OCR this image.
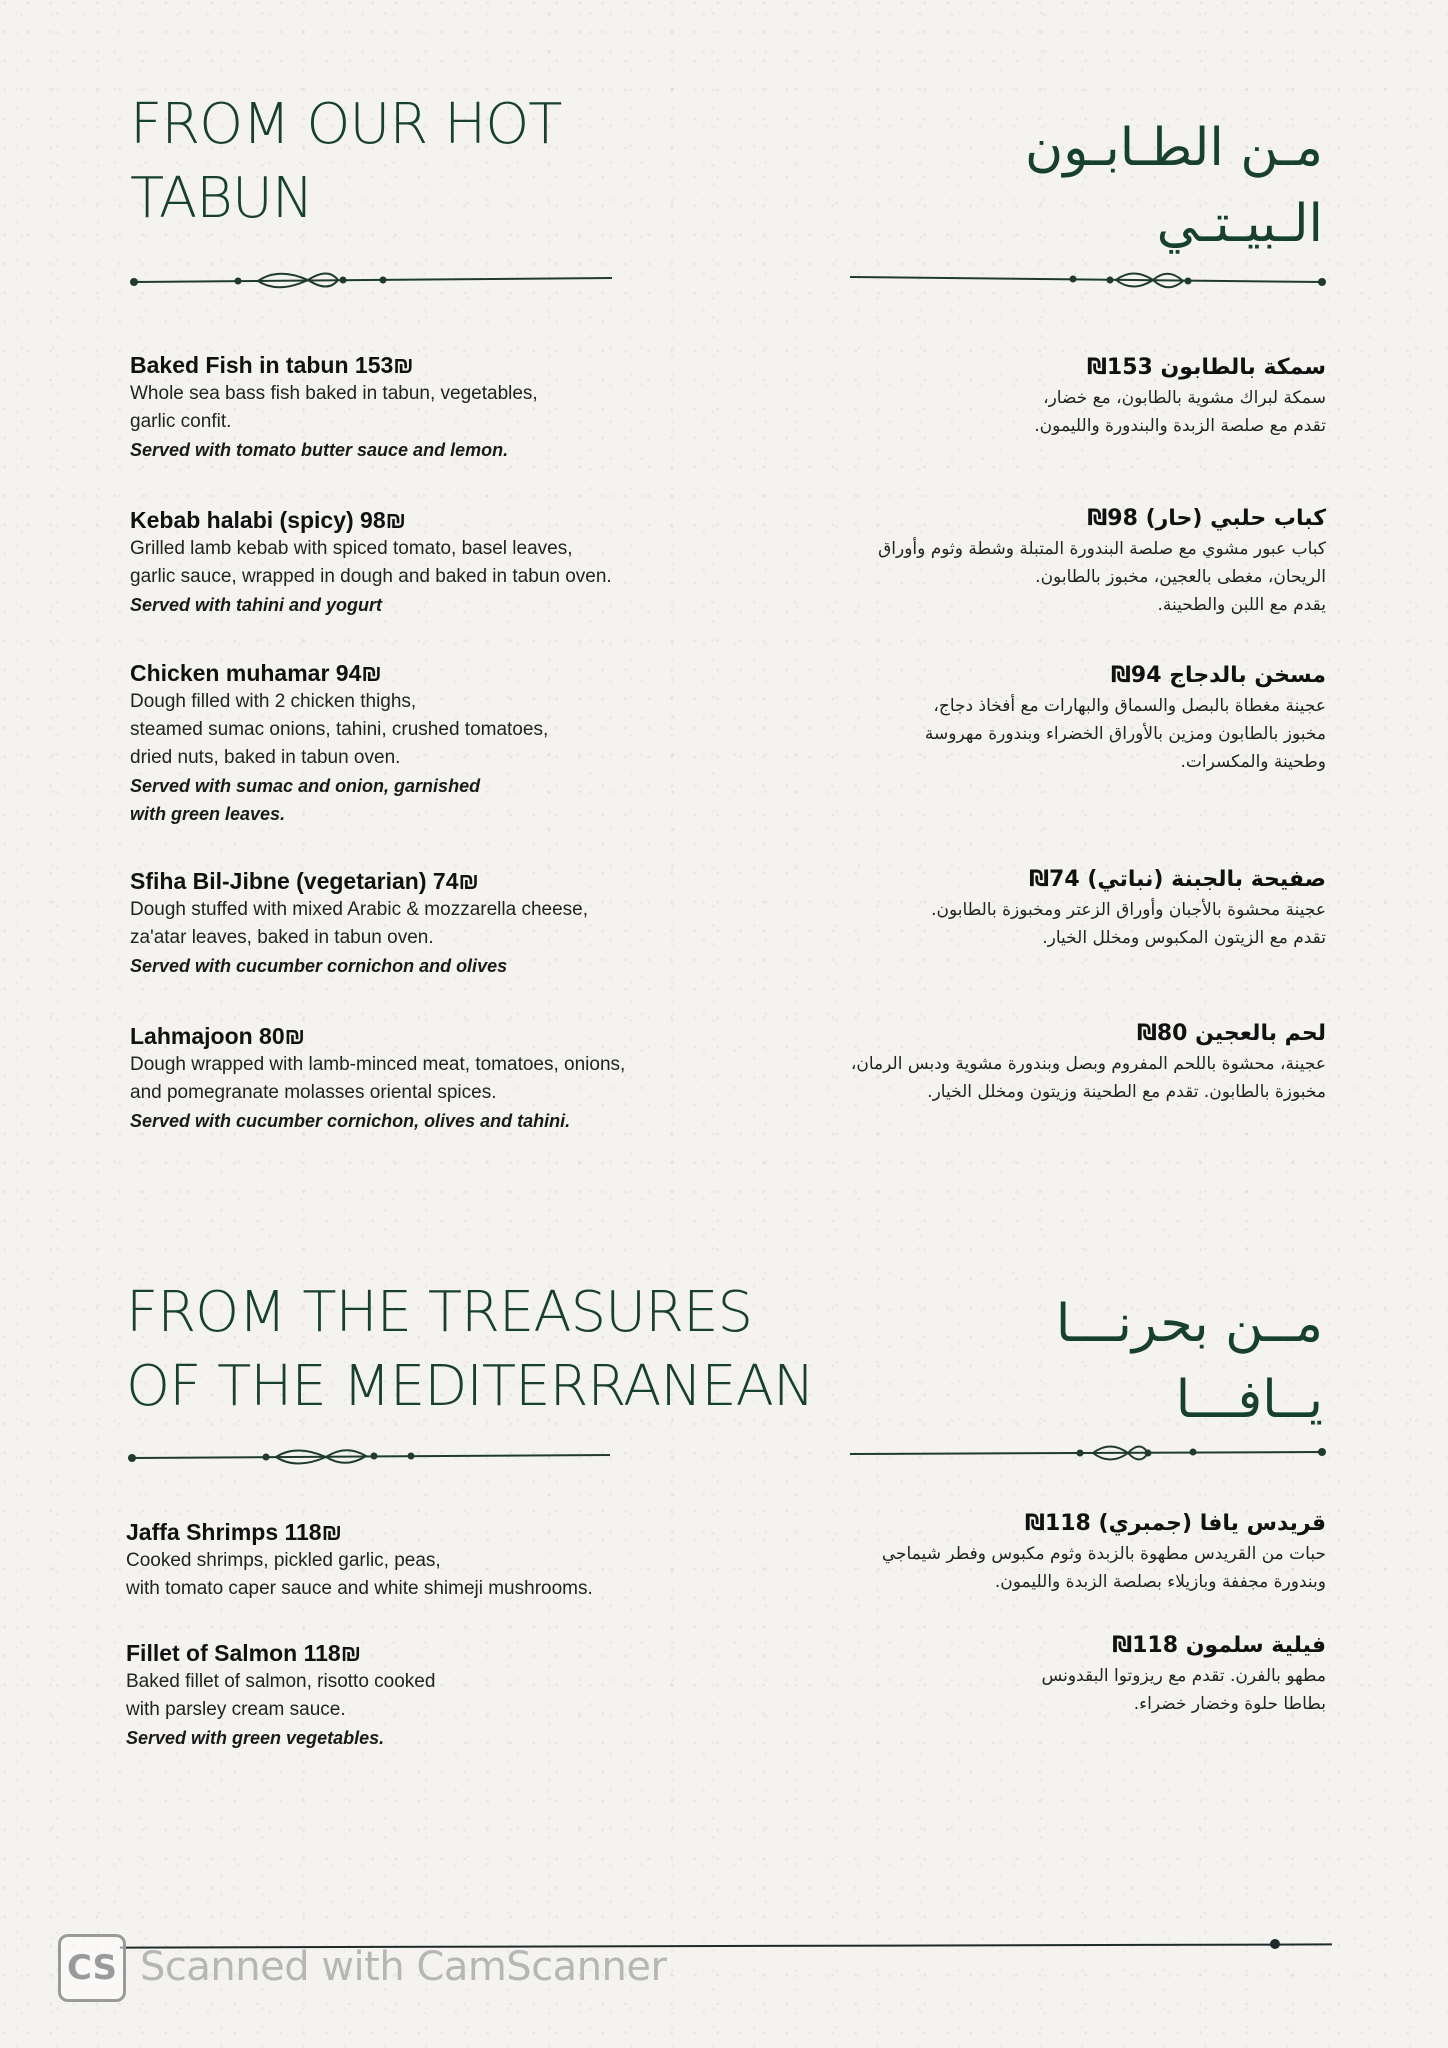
FROM OUR HOT
TABUN
مـن الطـابـون
الـبيـتـي
Baked Fish in tabun 153₪
Whole sea bass fish baked in tabun, vegetables,
garlic confit.
Served with tomato butter sauce and lemon.
Kebab halabi (spicy) 98₪
Grilled lamb kebab with spiced tomato, basel leaves,
garlic sauce, wrapped in dough and baked in tabun oven.
Served with tahini and yogurt
Chicken muhamar 94₪
Dough filled with 2 chicken thighs,
steamed sumac onions, tahini, crushed tomatoes,
dried nuts, baked in tabun oven.
Served with sumac and onion, garnished
with green leaves.
Sfiha Bil-Jibne (vegetarian) 74₪
Dough stuffed with mixed Arabic & mozzarella cheese,
za'atar leaves, baked in tabun oven.
Served with cucumber cornichon and olives
Lahmajoon 80₪
Dough wrapped with lamb-minced meat, tomatoes, onions,
and pomegranate molasses oriental spices.
Served with cucumber cornichon, olives and tahini.
سمكة بالطابون 153₪
سمكة لبراك مشوية بالطابون، مع خضار،
تقدم مع صلصة الزبدة والبندورة والليمون.
كباب حلبي (حار) 98₪
كباب عبور مشوي مع صلصة البندورة المتبلة وشطة وثوم وأوراق
الريحان، مغطى بالعجين، مخبوز بالطابون.
يقدم مع اللبن والطحينة.
مسخن بالدجاج 94₪
عجينة مغطاة بالبصل والسماق والبهارات مع أفخاذ دجاج،
مخبوز بالطابون ومزين بالأوراق الخضراء وبندورة مهروسة
وطحينة والمكسرات.
صفيحة بالجبنة (نباتي) 74₪
عجينة محشوة بالأجبان وأوراق الزعتر ومخبوزة بالطابون.
تقدم مع الزيتون المكبوس ومخلل الخيار.
لحم بالعجين 80₪
عجينة، محشوة باللحم المفروم وبصل وبندورة مشوية ودبس الرمان،
مخبوزة بالطابون. تقدم مع الطحينة وزيتون ومخلل الخيار.
FROM THE TREASURES
OF THE MEDITERRANEAN
مــن بحرنـــا
يــافـــا
Jaffa Shrimps 118₪
Cooked shrimps, pickled garlic, peas,
with tomato caper sauce and white shimeji mushrooms.
Fillet of Salmon 118₪
Baked fillet of salmon, risotto cooked
with parsley cream sauce.
Served with green vegetables.
قريدس يافا (جمبري) 118₪
حبات من القريدس مطهوة بالزبدة وثوم مكبوس وفطر شيماجي
وبندورة مجففة وبازيلاء بصلصة الزبدة والليمون.
فيلية سلمون 118₪
مطهو بالفرن. تقدم مع ريزوتوا البقدونس
بطاطا حلوة وخضار خضراء.
CS Scanned with CamScanner
